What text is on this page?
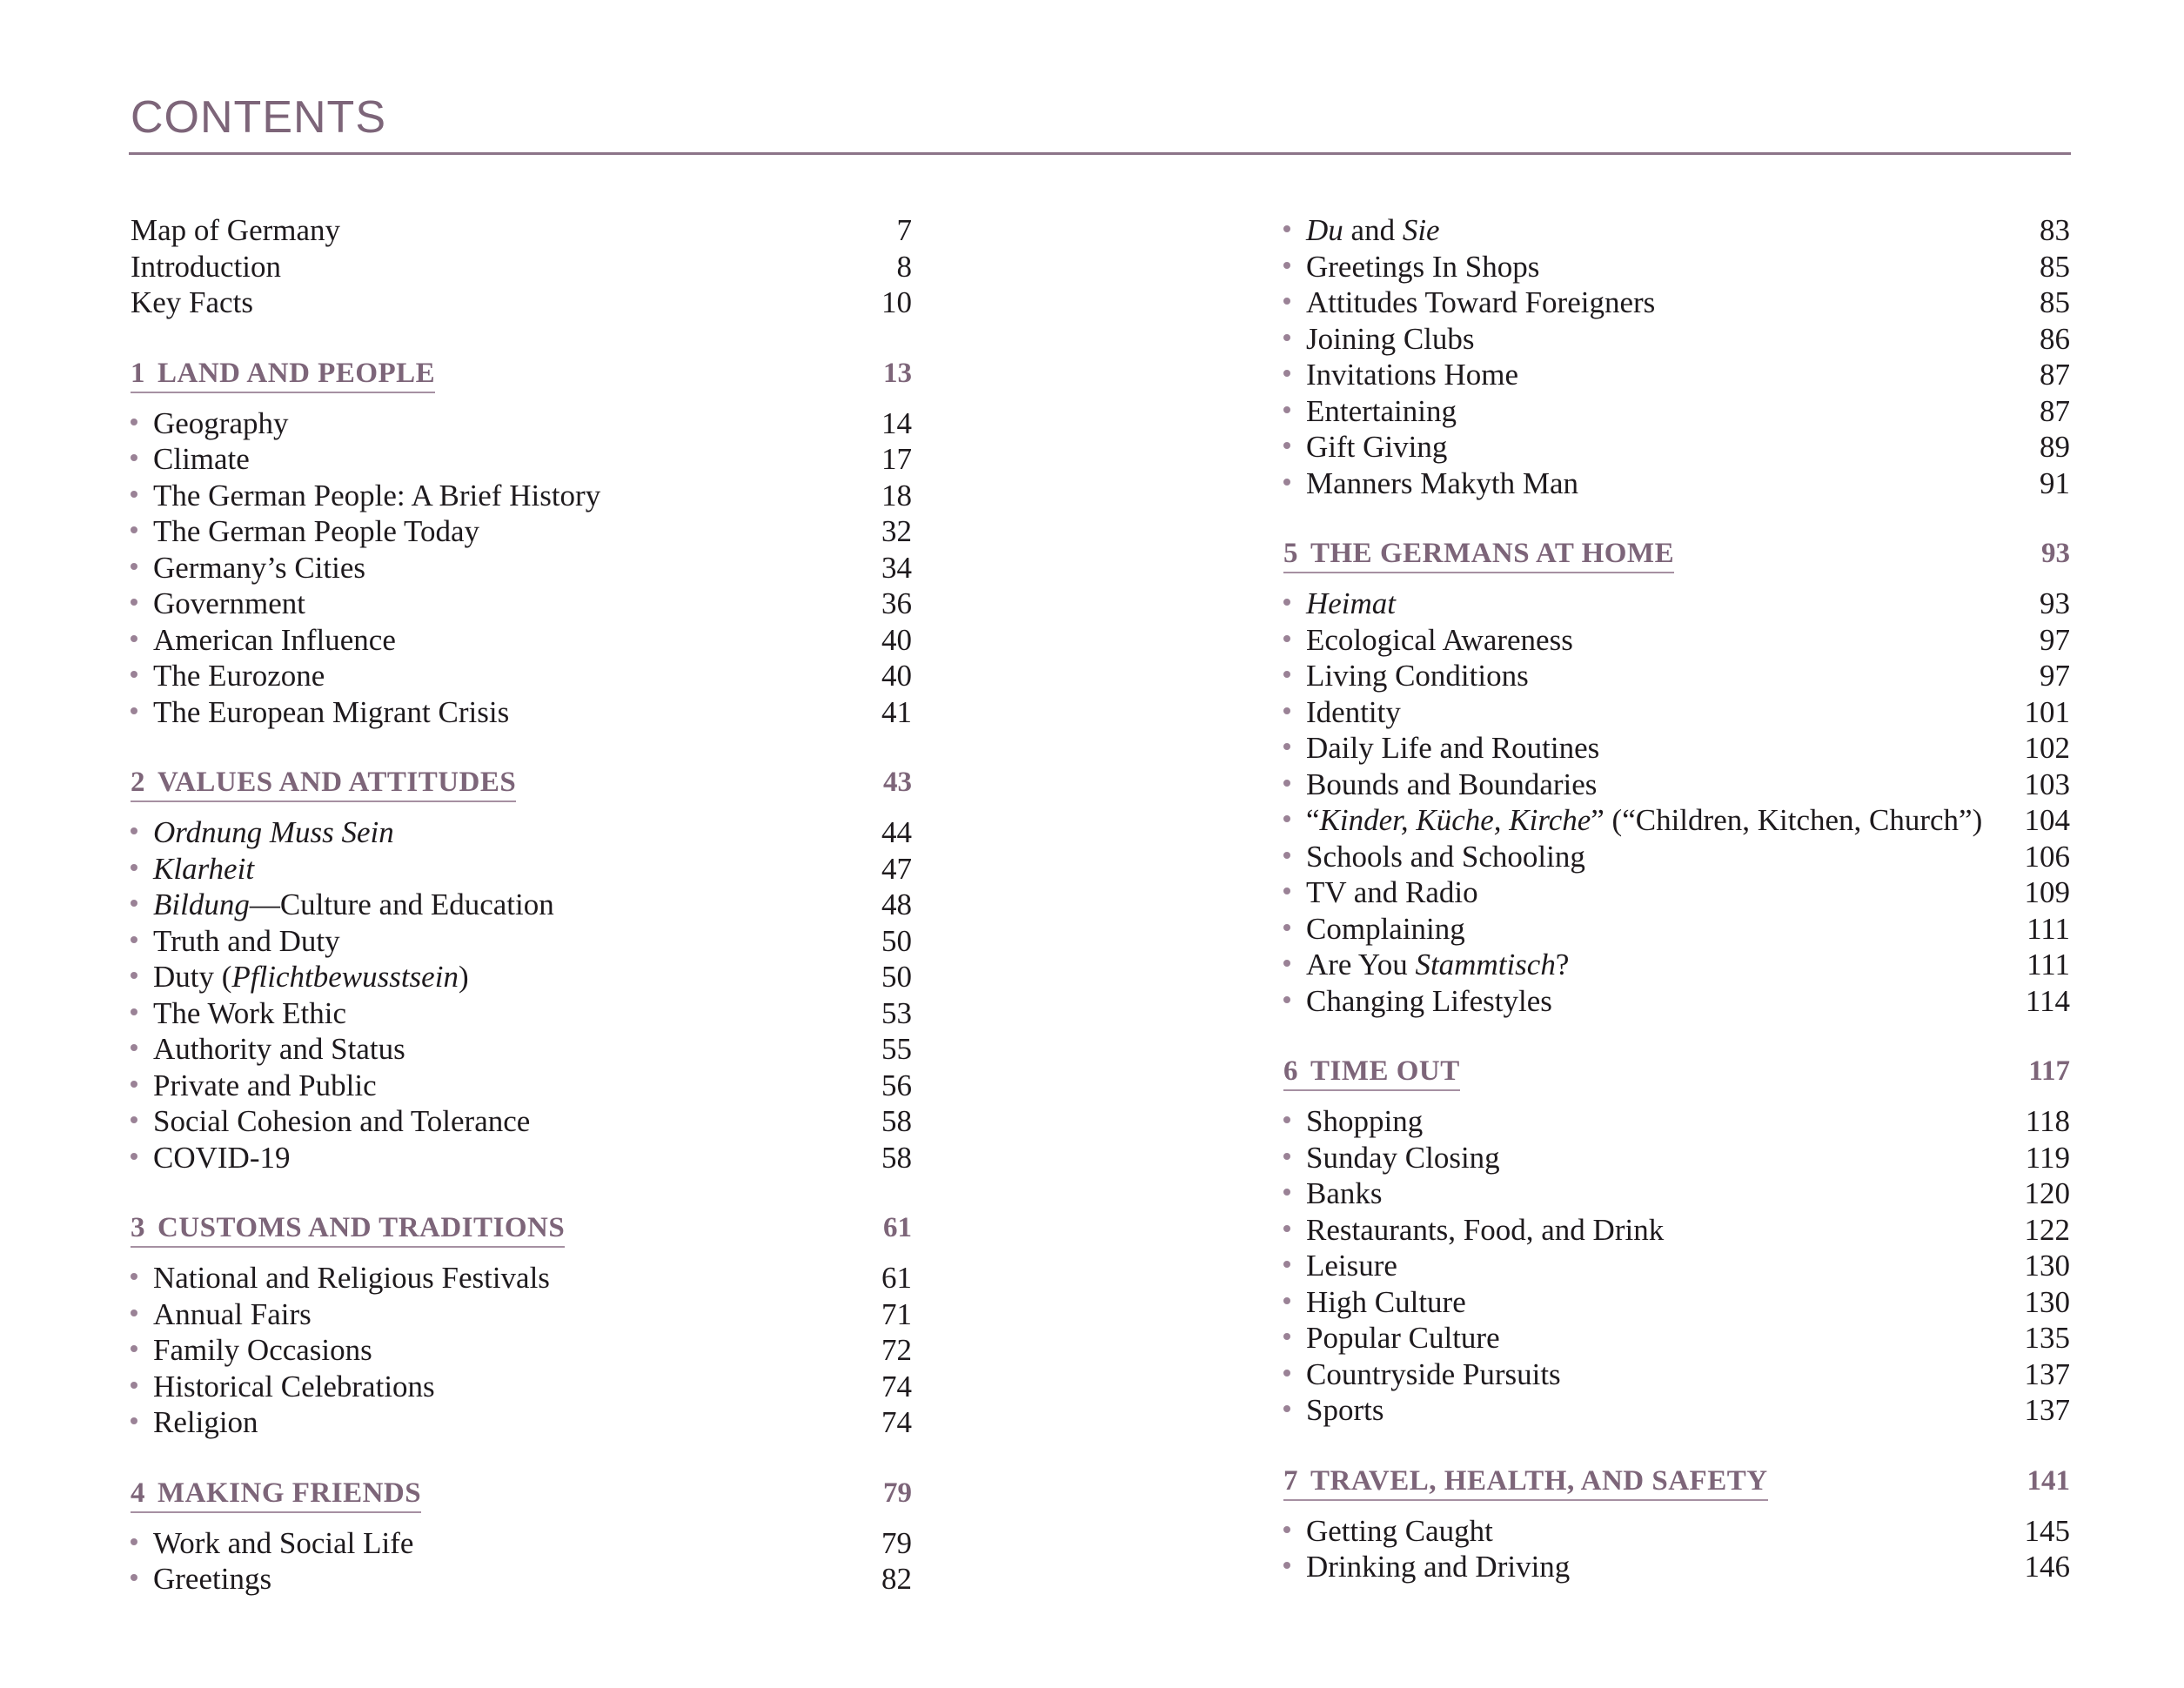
CONTENTS
Map of Germany	7
Introduction	8
Key Facts	10
1 LAND AND PEOPLE	13
Geography	14
Climate	17
The German People: A Brief History	18
The German People Today	32
Germany’s Cities	34
Government	36
American Influence	40
The Eurozone	40
The European Migrant Crisis	41
2 VALUES AND ATTITUDES	43
Ordnung Muss Sein	44
Klarheit	47
Bildung—Culture and Education	48
Truth and Duty	50
Duty (Pflichtbewusstsein)	50
The Work Ethic	53
Authority and Status	55
Private and Public	56
Social Cohesion and Tolerance	58
COVID-19	58
3 CUSTOMS AND TRADITIONS	61
National and Religious Festivals	61
Annual Fairs	71
Family Occasions	72
Historical Celebrations	74
Religion	74
4 MAKING FRIENDS	79
Work and Social Life	79
Greetings	82
Du and Sie	83
Greetings In Shops	85
Attitudes Toward Foreigners	85
Joining Clubs	86
Invitations Home	87
Entertaining	87
Gift Giving	89
Manners Makyth Man	91
5 THE GERMANS AT HOME	93
Heimat	93
Ecological Awareness	97
Living Conditions	97
Identity	101
Daily Life and Routines	102
Bounds and Boundaries	103
“Kinder, Küche, Kirche” (“Children, Kitchen, Church”) 104
Schools and Schooling	106
TV and Radio	109
Complaining	111
Are You Stammtisch?	111
Changing Lifestyles	114
6 TIME OUT	117
Shopping	118
Sunday Closing	119
Banks	120
Restaurants, Food, and Drink	122
Leisure	130
High Culture	130
Popular Culture	135
Countryside Pursuits	137
Sports	137
7 TRAVEL, HEALTH, AND SAFETY	141
Getting Caught	145
Drinking and Driving	146
